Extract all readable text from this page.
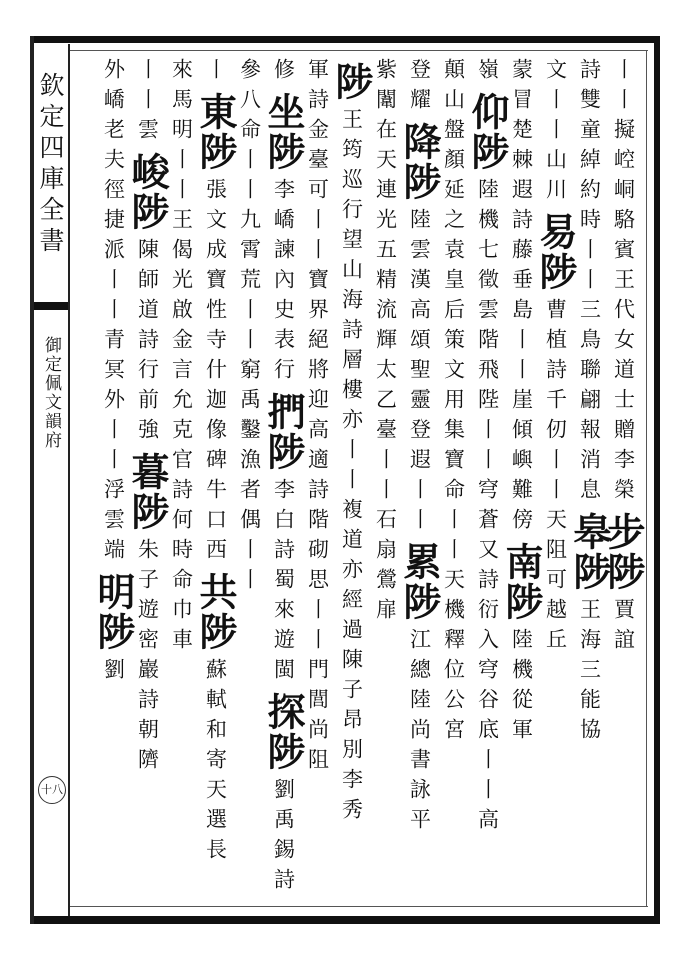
欽定四庫全書
御定佩文韻府
十八
丨丨擬崆峒駱賓王代女道士贈李榮
步陟
賈誼
詩雙童綽約時丨丨三鳥聯翩報消息
皋陟
王海三能協
文丨丨山川
易陟
曹植詩千仞丨丨天阻可越丘
蒙冒楚棘
遐詩藤垂島丨丨崖傾嶼難傍
南陟
陸機從軍
嶺
仰陟
陸機七徵雲階飛陛丨丨穹蒼又詩衍入穹谷底丨丨高
顛
山盤顏延之袁皇后策文用集寶命丨丨天機釋位公宮
登耀
降陟
陸雲漢高頌聖靈登遐丨丨
累陟
江總陸尚書詠平
紫闈
在天連光五精流輝太乙
臺丨丨石扇鶯扉
陟
王筠巡行望山海詩層樓亦丨丨複道亦經過陳子昂別李秀
軍詩金臺可丨丨寶界絕將迎高適詩階砌思丨丨門閭尚阻
修
坐陟
李嶠諫內史表行
捫陟
李白詩蜀來遊閩
探陟
劉禹錫詩
參八命丨丨九霄
荒丨丨窮禹鑿
漁者偶丨丨
丨
東陟
張文成寶性寺什迦像碑牛口西
共陟
蘇軾和寄天選長
來馬明丨丨王偈光啟金言允克
官詩何時命巾車
丨丨雲
峻陟
陳師道詩行前強
暮陟
朱子遊密巖詩朝隮
外嶠
老夫徑捷派丨丨
青冥外丨丨浮雲端
明陟
劉
